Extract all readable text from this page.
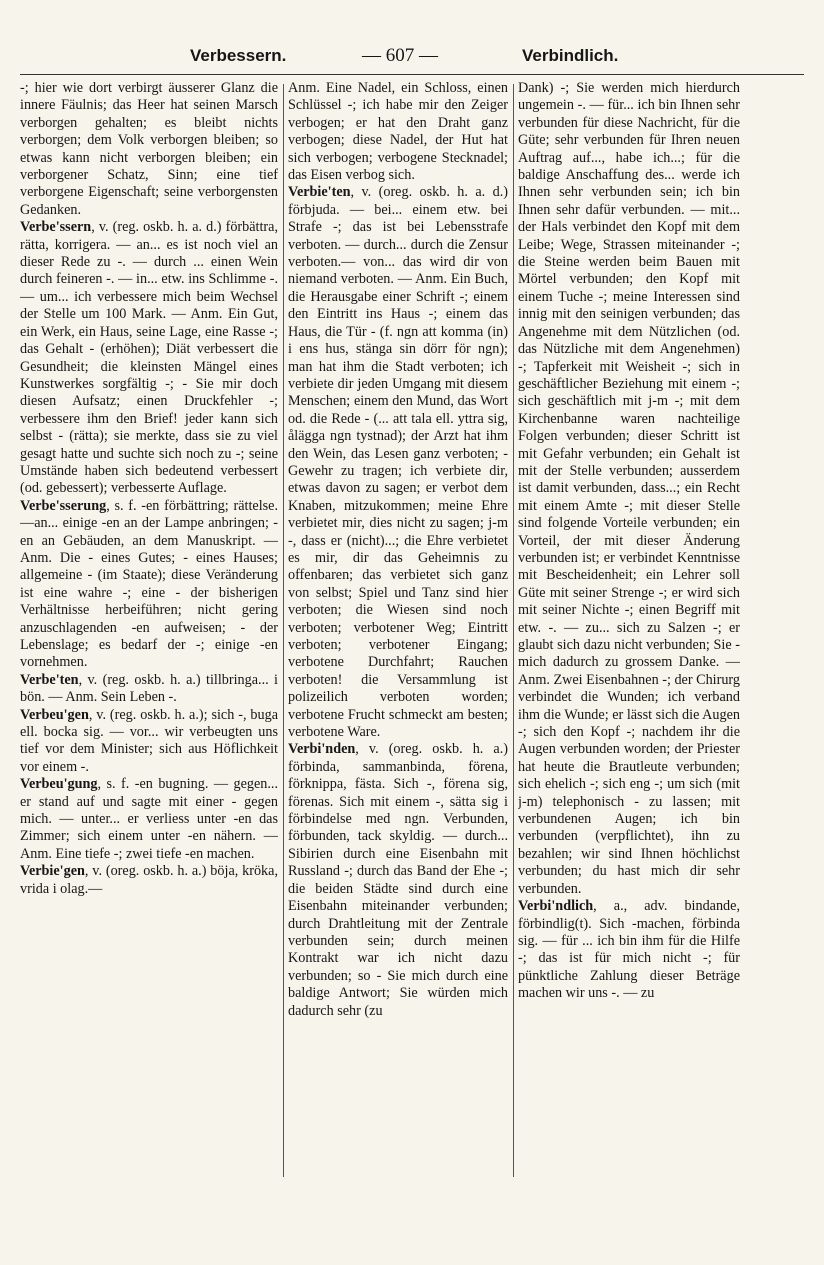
Verbessern.	— 607 —	Verbindlich.

-; hier wie dort verbirgt äusserer Glanz die innere Fäulnis; das Heer hat seinen Marsch verborgen gehalten; es bleibt nichts verborgen; dem Volk verborgen bleiben; so etwas kann nicht verborgen bleiben; ein verborgener Schatz, Sinn; eine tief verborgene Eigenschaft; seine verborgensten Gedanken.

Verbe'ssern, v. (reg. oskb. h. a. d.) förbättra, rätta, korrigera. — an... es ist noch viel an dieser Rede zu -. — durch ... einen Wein durch feineren -. — in... etw. ins Schlimme -. — um... ich verbessere mich beim Wechsel der Stelle um 100 Mark. — Anm. Ein Gut, ein Werk, ein Haus, seine Lage, eine Rasse -; das Gehalt - (erhöhen); Diät verbessert die Gesundheit; die kleinsten Mängel eines Kunstwerkes sorgfältig -; - Sie mir doch diesen Aufsatz; einen Druckfehler -; verbessere ihm den Brief! jeder kann sich selbst - (rätta); sie merkte, dass sie zu viel gesagt hatte und suchte sich noch zu -; seine Umstände haben sich bedeutend verbessert (od. gebessert); verbesserte Auflage.

Verbe'sserung, s. f. -en förbättring; rättelse. —an... einige -en an der Lampe anbringen; -en an Gebäuden, an dem Manuskript. — Anm. Die - eines Gutes; - eines Hauses; allgemeine - (im Staate); diese Veränderung ist eine wahre -; eine - der bisherigen Verhältnisse herbeiführen; nicht gering anzuschlagenden -en aufweisen; - der Lebenslage; es bedarf der -; einige -en vornehmen.

Verbe'ten, v. (reg. oskb. h. a.) tillbringa... i bön. — Anm. Sein Leben -.

Verbeu'gen, v. (reg. oskb. h. a.); sich -, buga ell. bocka sig. — vor... wir verbeugten uns tief vor dem Minister; sich aus Höflichkeit vor einem -.

Verbeu'gung, s. f. -en bugning. — gegen... er stand auf und sagte mit einer - gegen mich. — unter... er verliess unter -en das Zimmer; sich einem unter -en nähern. — Anm. Eine tiefe -; zwei tiefe -en machen.

Verbie'gen, v. (oreg. oskb. h. a.) böja, kröka, vrida i olag.—

Anm. Eine Nadel, ein Schloss, einen Schlüssel -; ich habe mir den Zeiger verbogen; er hat den Draht ganz verbogen; diese Nadel, der Hut hat sich verbogen; verbogene Stecknadel; das Eisen verbog sich.

Verbie'ten, v. (oreg. oskb. h. a. d.) förbjuda. — bei... einem etw. bei Strafe -; das ist bei Lebensstrafe verboten. — durch... durch die Zensur verboten.— von... das wird dir von niemand verboten. — Anm. Ein Buch, die Herausgabe einer Schrift -; einem den Eintritt ins Haus -; einem das Haus, die Tür - (f. ngn att komma (in) i ens hus, stänga sin dörr för ngn); man hat ihm die Stadt verboten; ich verbiete dir jeden Umgang mit diesem Menschen; einem den Mund, das Wort od. die Rede - (... att tala ell. yttra sig, ålägga ngn tystnad); der Arzt hat ihm den Wein, das Lesen ganz verboten; - Gewehr zu tragen; ich verbiete dir, etwas davon zu sagen; er verbot dem Knaben, mitzukommen; meine Ehre verbietet mir, dies nicht zu sagen; j-m -, dass er (nicht)...; die Ehre verbietet es mir, dir das Geheimnis zu offenbaren; das verbietet sich ganz von selbst; Spiel und Tanz sind hier verboten; die Wiesen sind noch verboten; verbotener Weg; Eintritt verboten; verbotener Eingang; verbotene Durchfahrt; Rauchen verboten! die Versammlung ist polizeilich verboten worden; verbotene Frucht schmeckt am besten; verbotene Ware.

Verbi'nden, v. (oreg. oskb. h. a.) förbinda, sammanbinda, förena, förknippa, fästa. Sich -, förena sig, förenas. Sich mit einem -, sätta sig i förbindelse med ngn. Verbunden, förbunden, tack skyldig. — durch... Sibirien durch eine Eisenbahn mit Russland -; durch das Band der Ehe -; die beiden Städte sind durch eine Eisenbahn miteinander verbunden; durch Drahtleitung mit der Zentrale verbunden sein; durch meinen Kontrakt war ich nicht dazu verbunden; so - Sie mich durch eine baldige Antwort; Sie würden mich dadurch sehr (zu

Dank) -; Sie werden mich hierdurch ungemein -. — für... ich bin Ihnen sehr verbunden für diese Nachricht, für die Güte; sehr verbunden für Ihren neuen Auftrag auf..., habe ich...; für die baldige Anschaffung des... werde ich Ihnen sehr verbunden sein; ich bin Ihnen sehr dafür verbunden. — mit... der Hals verbindet den Kopf mit dem Leibe; Wege, Strassen miteinander -; die Steine werden beim Bauen mit Mörtel verbunden; den Kopf mit einem Tuche -; meine Interessen sind innig mit den seinigen verbunden; das Angenehme mit dem Nützlichen (od. das Nützliche mit dem Angenehmen) -; Tapferkeit mit Weisheit -; sich in geschäftlicher Beziehung mit einem -; sich geschäftlich mit j-m -; mit dem Kirchenbanne waren nachteilige Folgen verbunden; dieser Schritt ist mit Gefahr verbunden; ein Gehalt ist mit der Stelle verbunden; ausserdem ist damit verbunden, dass...; ein Recht mit einem Amte -; mit dieser Stelle sind folgende Vorteile verbunden; ein Vorteil, der mit dieser Änderung verbunden ist; er verbindet Kenntnisse mit Bescheidenheit; ein Lehrer soll Güte mit seiner Strenge -; er wird sich mit seiner Nichte -; einen Begriff mit etw. -. — zu... sich zu Salzen -; er glaubt sich dazu nicht verbunden; Sie - mich dadurch zu grossem Danke. — Anm. Zwei Eisenbahnen -; der Chirurg verbindet die Wunden; ich verband ihm die Wunde; er lässt sich die Augen -; sich den Kopf -; nachdem ihr die Augen verbunden worden; der Priester hat heute die Brautleute verbunden; sich ehelich -; sich eng -; um sich (mit j-m) telephonisch - zu lassen; mit verbundenen Augen; ich bin verbunden (verpflichtet), ihn zu bezahlen; wir sind Ihnen höchlichst verbunden; du hast mich dir sehr verbunden.

Verbi'ndlich, a., adv. bindande, förbindlig(t). Sich -machen, förbinda sig. — für ... ich bin ihm für die Hilfe -; das ist für mich nicht -; für pünktliche Zahlung dieser Beträge machen wir uns -. — zu
